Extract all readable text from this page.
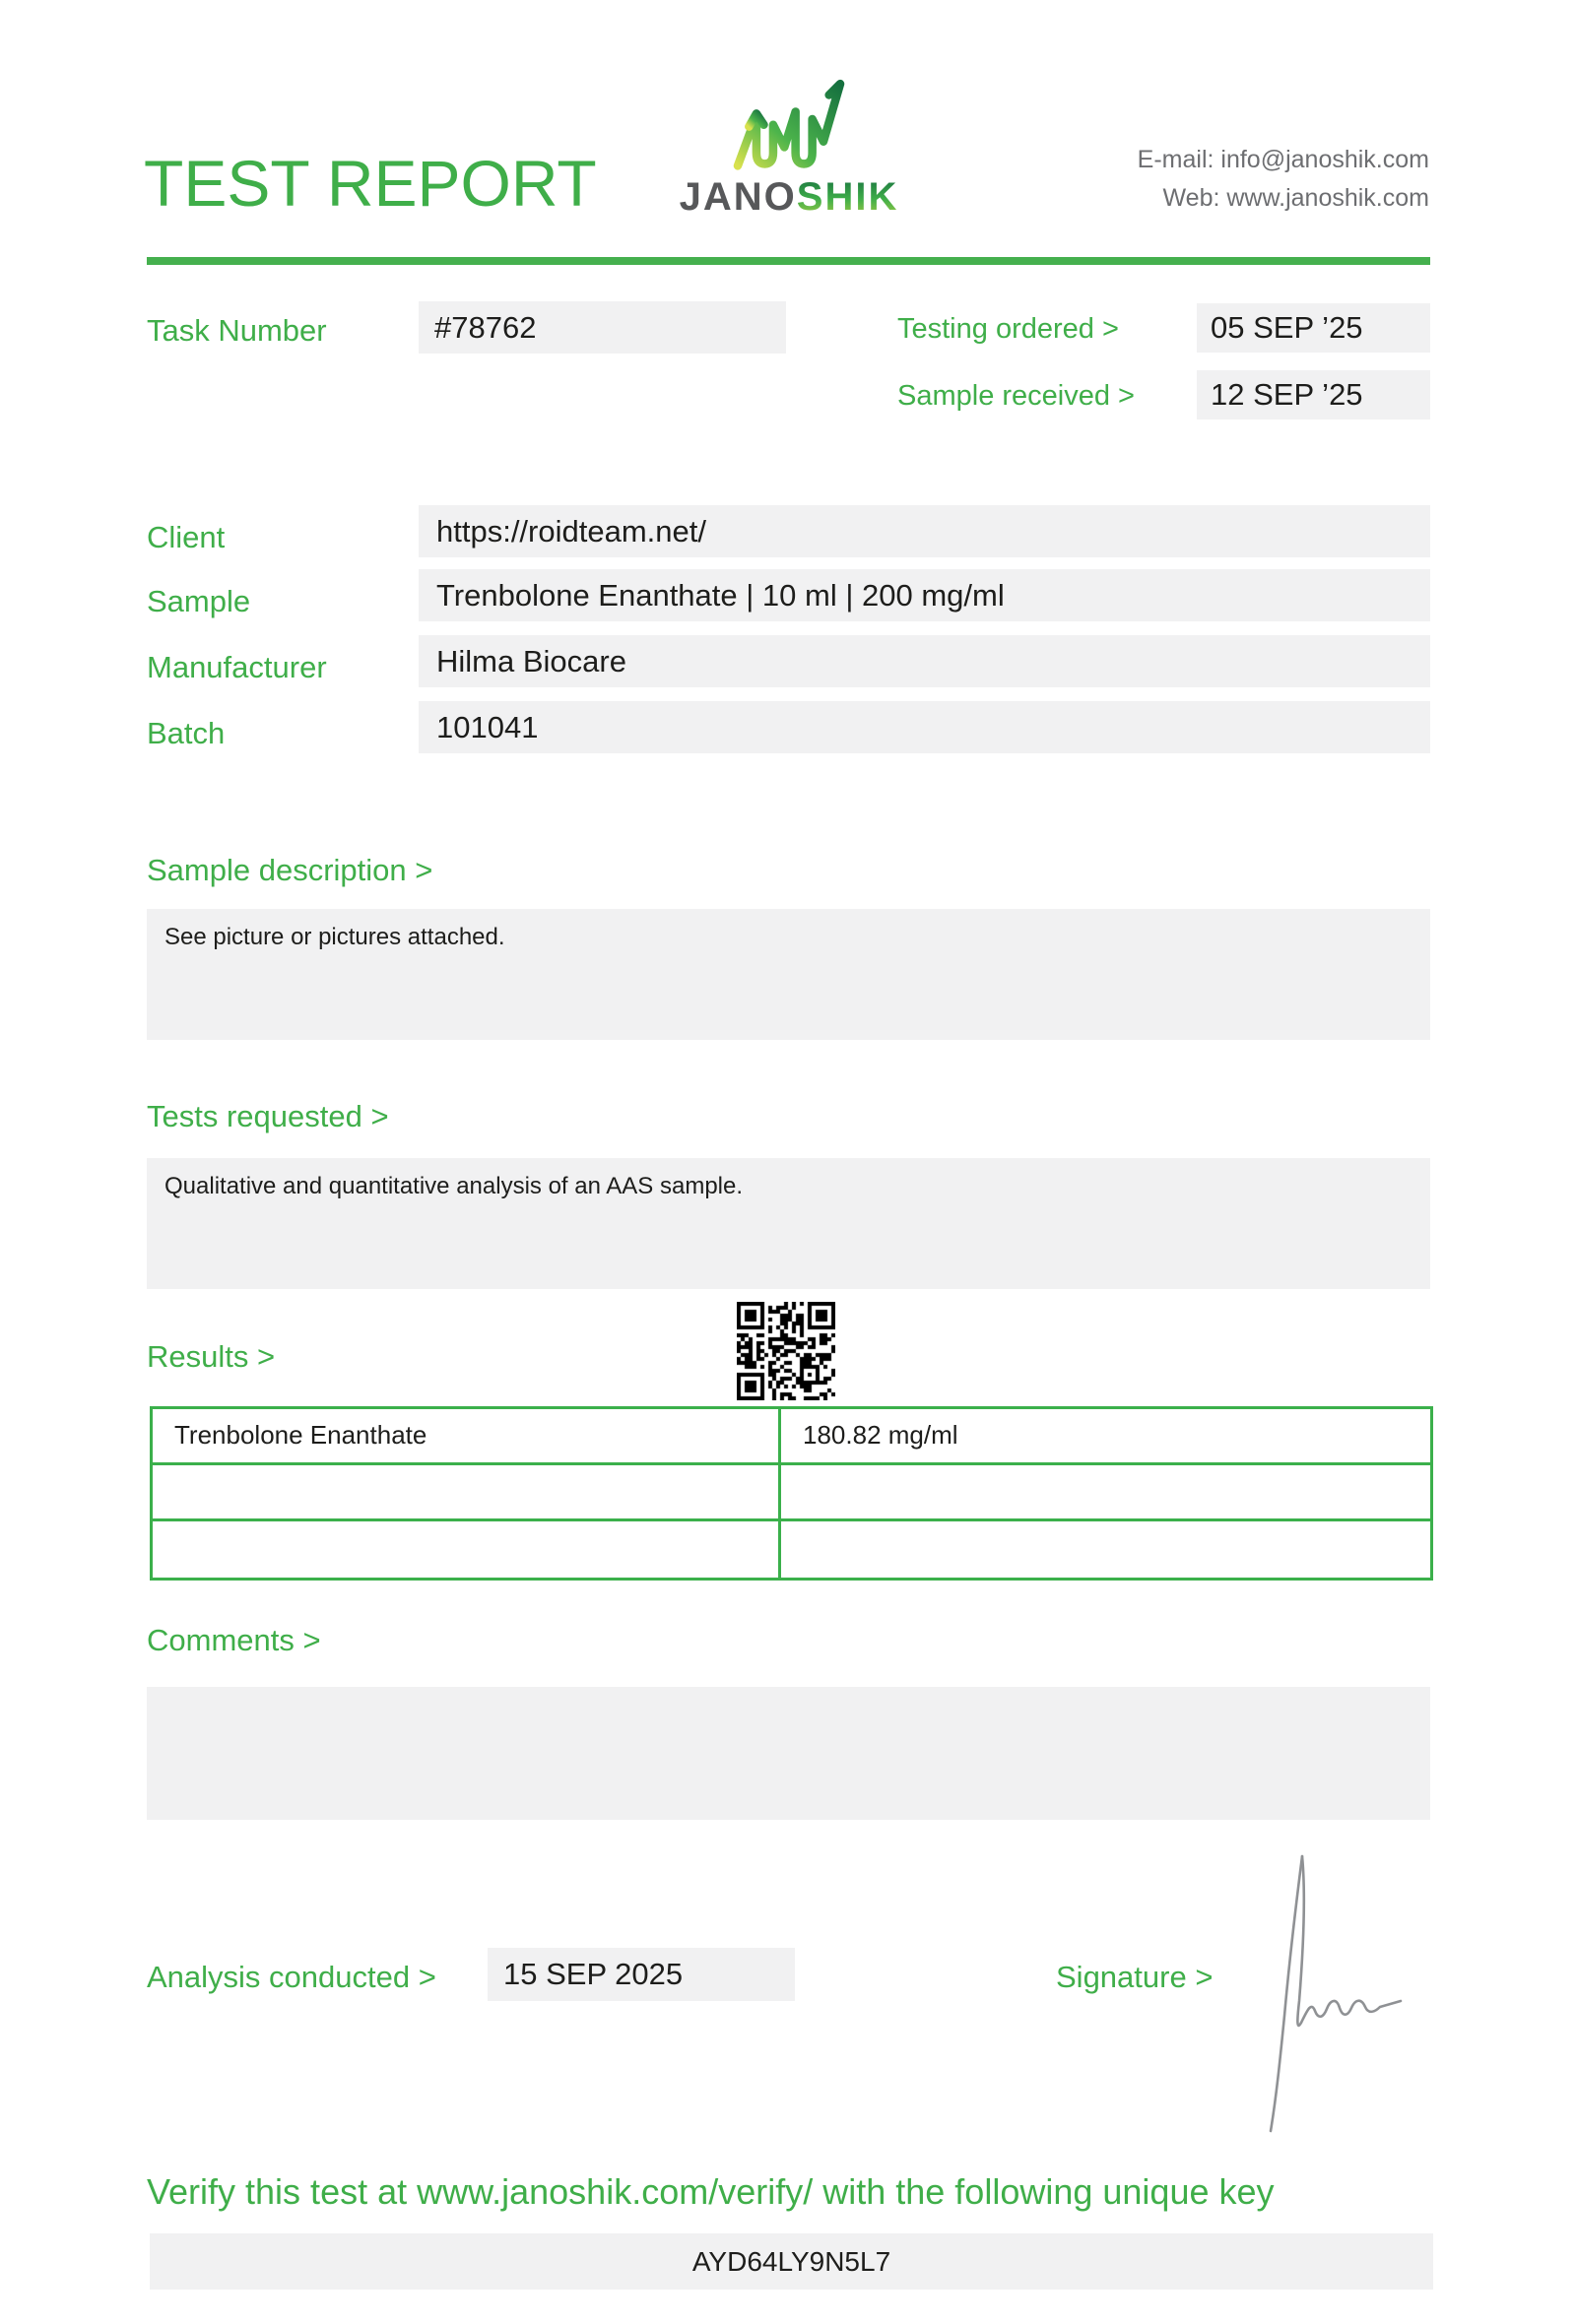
TEST REPORT JANOSHIK
E-mail: info@janoshik.com
Web: www.janoshik.com
Task Number	#78762	Testing ordered >	05 SEP ’25
Sample received >	12 SEP ’25
Client	https://roidteam.net/
Sample	Trenbolone Enanthate | 10 ml | 200 mg/ml
Manufacturer	Hilma Biocare
Batch	101041
Sample description >
See picture or pictures attached.
Tests requested >
Qualitative and quantitative analysis of an AAS sample.
Results >
Trenbolone Enanthate	180.82 mg/ml
Comments >
Analysis conducted >	15 SEP 2025	Signature >
Verify this test at www.janoshik.com/verify/ with the following unique key
AYD64LY9N5L7
